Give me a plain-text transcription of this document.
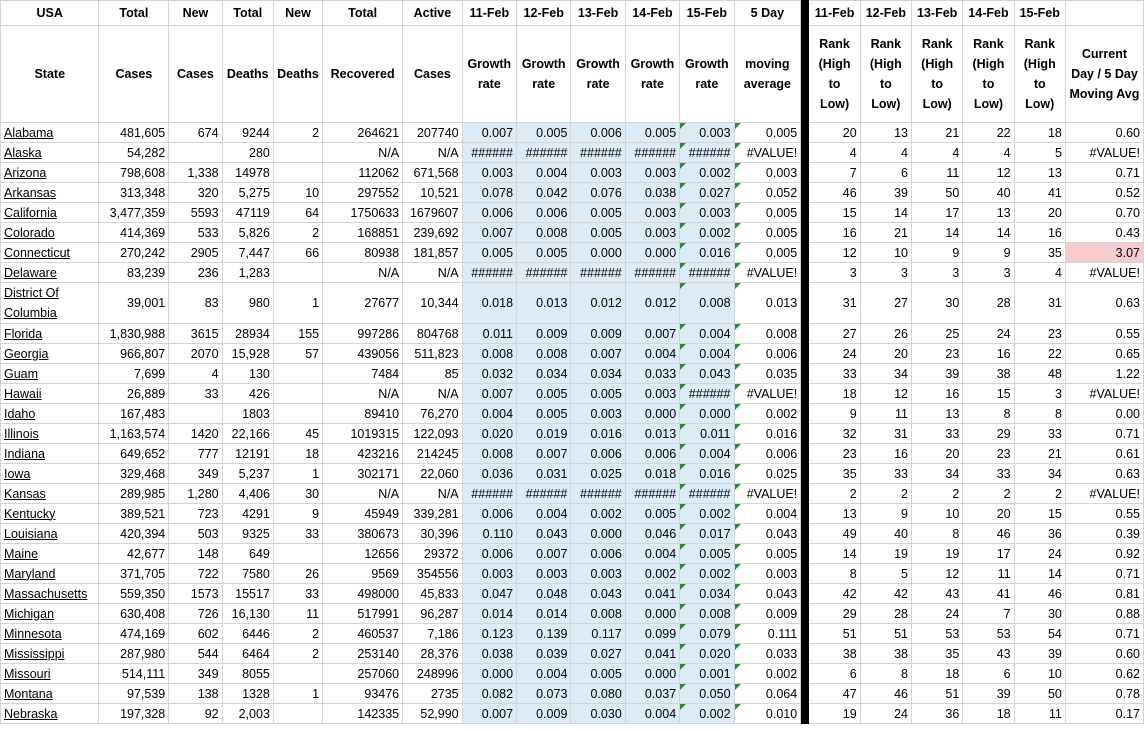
USA	Total	New	Total	New	Total	Active	11-Feb	12-Feb	13-Feb	14-Feb	15-Feb	5 Day		11-Feb	12-Feb	13-Feb	14-Feb	15-Feb	
State	Cases	Cases	Deaths	Deaths	Recovered	Cases	Growth rate	Growth rate	Growth rate	Growth rate	Growth rate	moving average		Rank (High to Low)	Rank (High to Low)	Rank (High to Low)	Rank (High to Low)	Rank (High to Low)	Current Day / 5 Day Moving Avg
Alabama	481,605	674	9244	2	264621	207740	0.007	0.005	0.006	0.005	0.003	0.005		20	13	21	22	18	0.60
Alaska	54,282		280		N/A	N/A	######	######	######	######	######	#VALUE!		4	4	4	4	5	#VALUE!
Arizona	798,608	1,338	14978		112062	671,568	0.003	0.004	0.003	0.003	0.002	0.003		7	6	11	12	13	0.71
Arkansas	313,348	320	5,275	10	297552	10,521	0.078	0.042	0.076	0.038	0.027	0.052		46	39	50	40	41	0.52
California	3,477,359	5593	47119	64	1750633	1679607	0.006	0.006	0.005	0.003	0.003	0.005		15	14	17	13	20	0.70
Colorado	414,369	533	5,826	2	168851	239,692	0.007	0.008	0.005	0.003	0.002	0.005		16	21	14	14	16	0.43
Connecticut	270,242	2905	7,447	66	80938	181,857	0.005	0.005	0.000	0.000	0.016	0.005		12	10	9	9	35	3.07
Delaware	83,239	236	1,283		N/A	N/A	######	######	######	######	######	#VALUE!		3	3	3	3	4	#VALUE!
District Of Columbia	39,001	83	980	1	27677	10,344	0.018	0.013	0.012	0.012	0.008	0.013		31	27	30	28	31	0.63
Florida	1,830,988	3615	28934	155	997286	804768	0.011	0.009	0.009	0.007	0.004	0.008		27	26	25	24	23	0.55
Georgia	966,807	2070	15,928	57	439056	511,823	0.008	0.008	0.007	0.004	0.004	0.006		24	20	23	16	22	0.65
Guam	7,699	4	130		7484	85	0.032	0.034	0.034	0.033	0.043	0.035		33	34	39	38	48	1.22
Hawaii	26,889	33	426		N/A	N/A	0.007	0.005	0.005	0.003	######	#VALUE!		18	12	16	15	3	#VALUE!
Idaho	167,483		1803		89410	76,270	0.004	0.005	0.003	0.000	0.000	0.002		9	11	13	8	8	0.00
Illinois	1,163,574	1420	22,166	45	1019315	122,093	0.020	0.019	0.016	0.013	0.011	0.016		32	31	33	29	33	0.71
Indiana	649,652	777	12191	18	423216	214245	0.008	0.007	0.006	0.006	0.004	0.006		23	16	20	23	21	0.61
Iowa	329,468	349	5,237	1	302171	22,060	0.036	0.031	0.025	0.018	0.016	0.025		35	33	34	33	34	0.63
Kansas	289,985	1,280	4,406	30	N/A	N/A	######	######	######	######	######	#VALUE!		2	2	2	2	2	#VALUE!
Kentucky	389,521	723	4291	9	45949	339,281	0.006	0.004	0.002	0.005	0.002	0.004		13	9	10	20	15	0.55
Louisiana	420,394	503	9325	33	380673	30,396	0.110	0.043	0.000	0.046	0.017	0.043		49	40	8	46	36	0.39
Maine	42,677	148	649		12656	29372	0.006	0.007	0.006	0.004	0.005	0.005		14	19	19	17	24	0.92
Maryland	371,705	722	7580	26	9569	354556	0.003	0.003	0.003	0.002	0.002	0.003		8	5	12	11	14	0.71
Massachusetts	559,350	1573	15517	33	498000	45,833	0.047	0.048	0.043	0.041	0.034	0.043		42	42	43	41	46	0.81
Michigan	630,408	726	16,130	11	517991	96,287	0.014	0.014	0.008	0.000	0.008	0.009		29	28	24	7	30	0.88
Minnesota	474,169	602	6446	2	460537	7,186	0.123	0.139	0.117	0.099	0.079	0.111		51	51	53	53	54	0.71
Mississippi	287,980	544	6464	2	253140	28,376	0.038	0.039	0.027	0.041	0.020	0.033		38	38	35	43	39	0.60
Missouri	514,111	349	8055		257060	248996	0.000	0.004	0.005	0.000	0.001	0.002		6	8	18	6	10	0.62
Montana	97,539	138	1328	1	93476	2735	0.082	0.073	0.080	0.037	0.050	0.064		47	46	51	39	50	0.78
Nebraska	197,328	92	2,003		142335	52,990	0.007	0.009	0.030	0.004	0.002	0.010		19	24	36	18	11	0.17
